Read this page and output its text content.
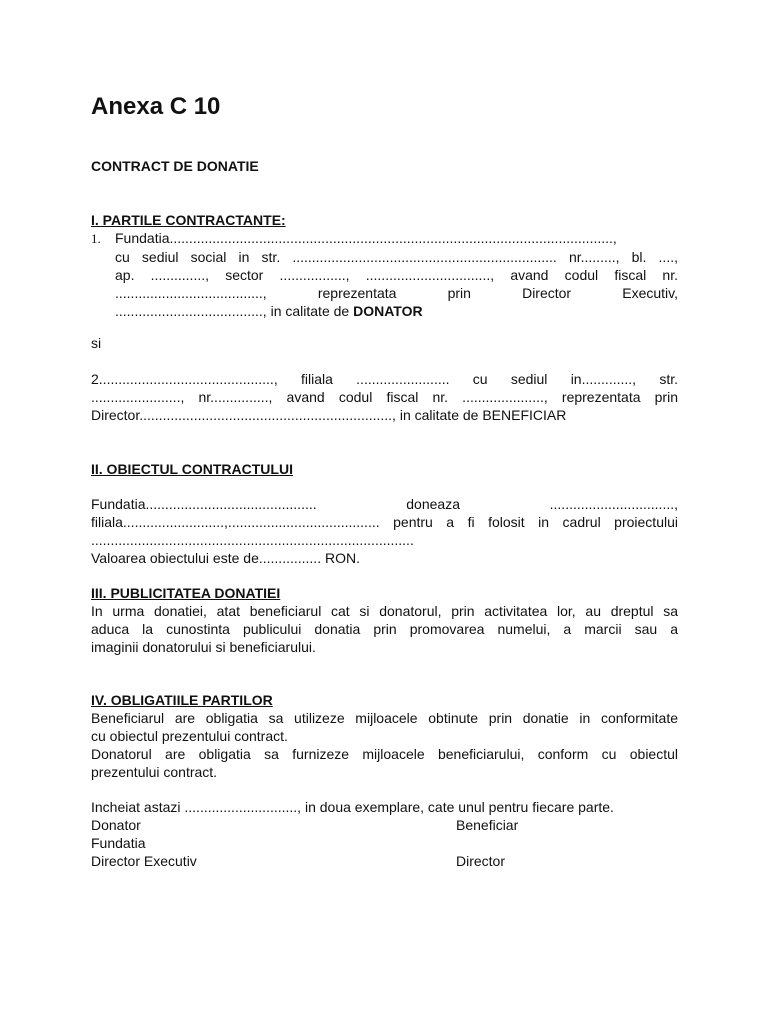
Anexa C 10
CONTRACT DE DONATIE

I. PARTILE CONTRACTANTE:

1. Fundatia..................................................................................................................,

cu sediul social in str. .................................................................... nr........., bl. ....,

ap. .............., sector ................., ................................, avand codul fiscal nr.

......................................, reprezentata prin Director Executiv,

......................................, in calitate de DONATOR

si

2............................................., filiala ........................ cu sediul in............., str.

......................., nr..............., avand codul fiscal nr. ....................., reprezentata prin

Director................................................................., in calitate de BENEFICIAR

II. OBIECTUL CONTRACTULUI

Fundatia............................................ doneaza ................................,

filiala..........................,....................................... pentru a fi folosit in cadrul proiectului

...................................................................................

Valoarea obiectului este de................ RON.

III. PUBLICITATEA DONATIEI

In urma donatiei, atat beneficiarul cat si donatorul, prin activitatea lor, au dreptul sa

aduca la cunostinta publicului donatia prin promovarea numelui, a marcii sau a

imaginii donatorului si beneficiarului.

IV. OBLIGATIILE PARTILOR

Beneficiarul are obligatia sa utilizeze mijloacele obtinute prin donatie in conformitate

cu obiectul prezentului contract.

Donatorul are obligatia sa furnizeze mijloacele beneficiarului, conform cu obiectul

prezentului contract.

Incheiat astazi ............................., in doua exemplare, cate unul pentru fiecare parte.

Donator	Beneficiar
Fundatia
Director Executiv	Director
